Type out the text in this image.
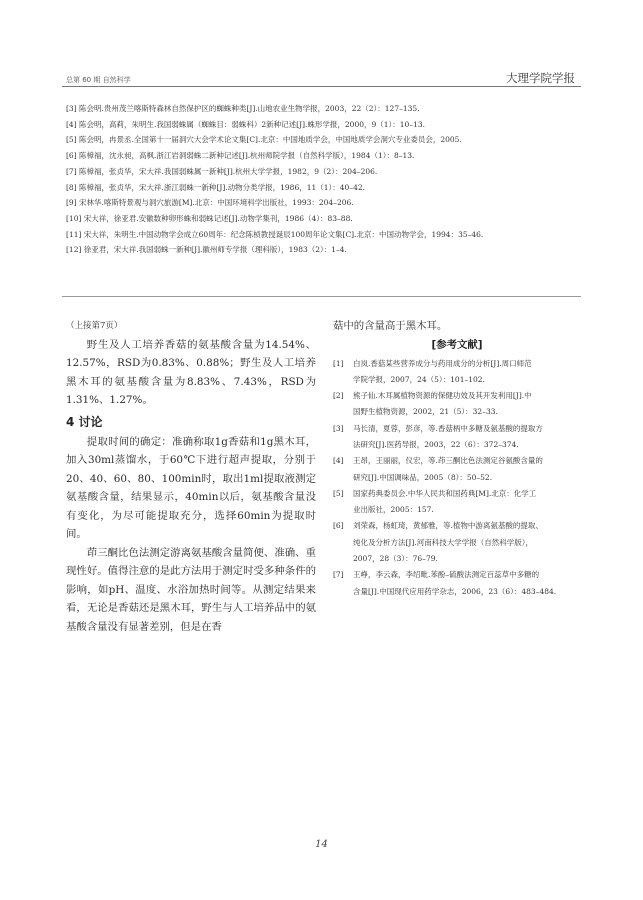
总第 60 期 自然科学	大理学院学报
[3] 陈会明.贵州茂兰喀斯特森林自然保护区的蜘蛛种类[J].山地农业生物学报，2003，22（2）：127–135.
[4] 陈会明，高莉，朱明生.我国弱蛛属（蜘蛛目：弱蛛科）2新种记述[J].蛛形学报，2000，9（1）：10–13.
[5] 陈会明，冉景丞.全国第十一届洞穴大会学术论文集[C].北京：中国地质学会，中国地质学会洞穴专业委员会，2005.
[6] 陈樟福，沈永昶，高枫.浙江岩洞弱蛛二新种记述[J].杭州师院学报（自然科学版），1984（1）：8–13.
[7] 陈樟福，张贞华，宋大祥.我国弱蛛属一新种[J].杭州大学学报，1982，9（2）：204–206.
[8] 陈樟福，张贞华，宋大祥.浙江弱蛛一新种[J].动物分类学报，1986，11（1）：40–42.
[9] 宋林华.喀斯特景观与洞穴旅游[M].北京：中国环境科学出版社，1993：204–206.
[10] 宋大祥，徐亚君.安徽数种卵形蛛和弱蛛记述[J].动物学集刊，1986（4）：83–88.
[11] 宋大祥，朱明生.中国动物学会成立60周年：纪念陈桢教授诞辰100周年论文集[C].北京：中国动物学会，1994：35–46.
[12] 徐亚君，宋大祥.我国弱蛛一新种[J].徽州师专学报（理科版），1983（2）：1–4.
（上接第7页）

野生及人工培养香菇的氨基酸含量为14.54%、12.57%，RSD为0.83%、0.88%；野生及人工培养黑木耳的氨基酸含量为8.83%、7.43%，RSD为1.31%、1.27%。

4 讨论

提取时间的确定：准确称取1g香菇和1g黑木耳，加入30ml蒸馏水，于60℃下进行超声提取，分别于20、40、60、80、100min时，取出1ml提取液测定氨基酸含量，结果显示，40min以后，氨基酸含量没有变化，为尽可能提取充分，选择60min为提取时间。

茚三酮比色法测定游离氨基酸含量简便、准确、重现性好。值得注意的是此方法用于测定时受多种条件的影响，如pH、温度、水浴加热时间等。从测定结果来看，无论是香菇还是黑木耳，野生与人工培养品中的氨基酸含量没有显著差别，但是在香

菇中的含量高于黑木耳。

[参考文献]
[1] 白岚.香菇某些营养成分与药用成分的分析[J].周口师范
学院学报，2007，24（5）：101–102.
[2] 熊子仙.木耳属植物资源的保健功效及其开发利用[J].中
国野生植物资源，2002，21（5）：32–33.
[3] 马长清，夏蓉，彭彦，等.香菇柄中多糖及氨基酸的提取方
法研究[J].医药导报，2003，22（6）：372–374.
[4] 王昂，王丽丽，仪宏，等.茚三酮比色法测定谷氨酸含量的
研究[J].中国调味品，2005（8）：50–52.
[5] 国家药典委员会.中华人民共和国药典[M].北京：化学工
业出版社，2005：157.
[6] 刘荣森，杨虹琦，黄郁雅，等.植物中游离氨基酸的提取、
纯化及分析方法[J].河南科技大学学报（自然科学版），
2007，28（3）：76–79.
[7] 王峥，李云森，李绍毗.苯酚–硫酸法测定百蕊草中多糖的
含量[J].中国现代应用药学杂志，2006，23（6）：483–484.
14
